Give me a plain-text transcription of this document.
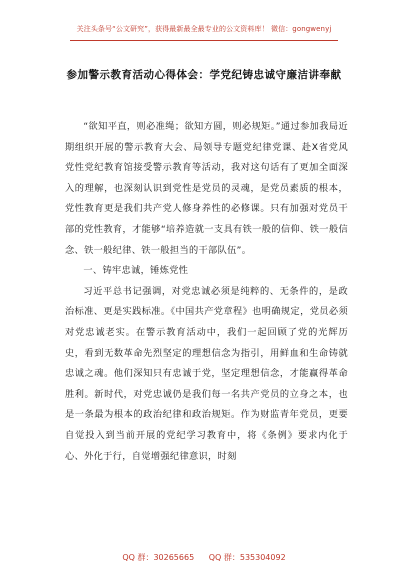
关注头条号“公文研究”，获得最新最全最专业的公文资料库！ 微信：gongwenyj
参加警示教育活动心得体会：学党纪铸忠诚守廉洁讲奉献

“欲知平直，则必准绳；欲知方圆，则必规矩。”通过参加我局近期组织开展的警示教育大会、局领导专题党纪律党课、赴X省党风党性党纪教育馆接受警示教育等活动，我对这句话有了更加全面深入的理解，也深刻认识到党性是党员的灵魂，是党员素质的根本，党性教育更是我们共产党人修身养性的必修课。只有加强对党员干部的党性教育，才能够“培养造就一支具有铁一般的信仰、铁一般信念、铁一般纪律、铁一般担当的干部队伍”。

一、铸牢忠诚，锤炼党性

习近平总书记强调，对党忠诚必须是纯粹的、无条件的，是政治标准、更是实践标准。《中国共产党章程》也明确规定，党员必须对党忠诚老实。在警示教育活动中，我们一起回顾了党的光辉历史，看到无数革命先烈坚定的理想信念为指引，用鲜血和生命铸就忠诚之魂。他们深知只有忠诚于党，坚定理想信念，才能赢得革命胜利。新时代，对党忠诚仍是我们每一名共产党员的立身之本，也是一条最为根本的政治纪律和政治规矩。作为财监青年党员，更要自觉投入到当前开展的党纪学习教育中，将《条例》要求内化于心、外化于行，自觉增强纪律意识，时刻

QQ 群：30265665 QQ 群：535304092
